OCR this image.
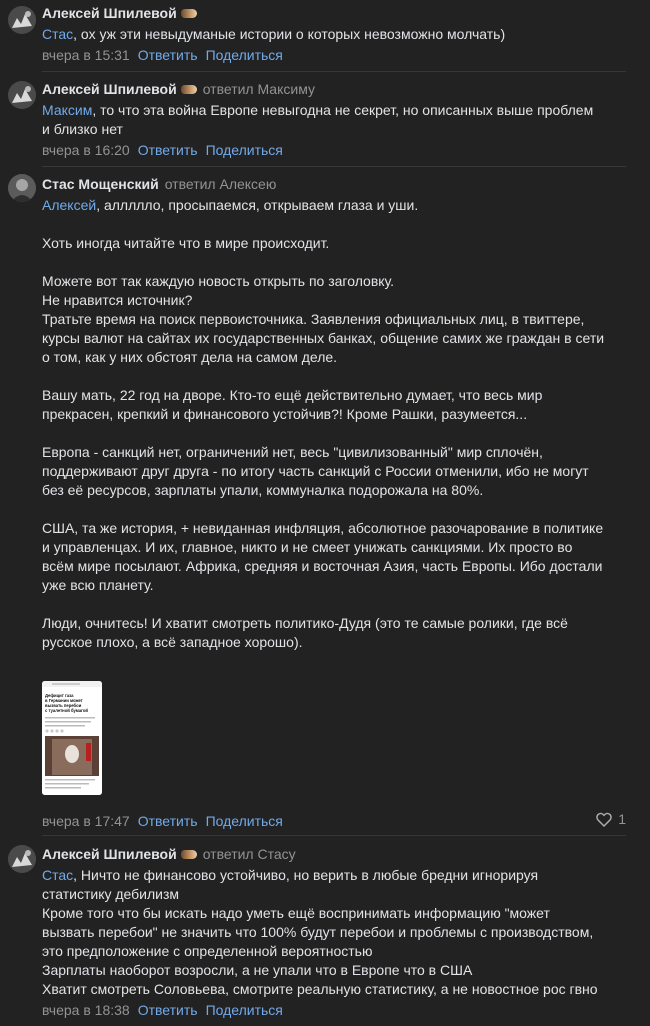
Алексей Шпилевой
Стас, ох уж эти невыдуманые истории о которых невозможно молчать)
вчера в 15:31 Ответить Поделиться
Алексей Шпилевой ответил Максиму
Максим, то что эта война Европе невыгодна не секрет, но описанных выше проблем
и близко нет
вчера в 16:20 Ответить Поделиться
Стас Мощенский ответил Алексею
Алексей, аллллло, просыпаемся, открываем глаза и уши.

Хоть иногда читайте что в мире происходит.

Можете вот так каждую новость открыть по заголовку.
Не нравится источник?
Тратьте время на поиск первоисточника. Заявления официальных лиц, в твиттере,
курсы валют на сайтах их государственных банках, общение самих же граждан в сети
о том, как у них обстоят дела на самом деле.

Вашу мать, 22 год на дворе. Кто-то ещё действительно думает, что весь мир
прекрасен, крепкий и финансового устойчив?! Кроме Рашки, разумеется...

Европа - санкций нет, ограничений нет, весь "цивилизованный" мир сплочён,
поддерживают друг друга - по итогу часть санкций с России отменили, ибо не могут
без её ресурсов, зарплаты упали, коммуналка подорожала на 80%.

США, та же история, + невиданная инфляция, абсолютное разочарование в политике
и управленцах. И их, главное, никто и не смеет унижать санкциями. Их просто во
всём мире посылают. Африка, средняя и восточная Азия, часть Европы. Ибо достали
уже всю планету.

Люди, очнитесь! И хватит смотреть политико-Дудя (это те самые ролики, где всё
русское плохо, а всё западное хорошо).
Дефицит газа в Германии может вызвать перебои с туалетной бумагой
вчера в 17:47 Ответить Поделиться	1
Алексей Шпилевой ответил Стасу
Стас, Ничто не финансово устойчиво, но верить в любые бредни игнорируя
статистику дебилизм
Кроме того что бы искать надо уметь ещё воспринимать информацию "может
вызвать перебои" не значить что 100% будут перебои и проблемы с производством,
это предположение с определенной вероятностью
Зарплаты наоборот возросли, а не упали что в Европе что в США
Хватит смотреть Соловьева, смотрите реальную статистику, а не новостное рос гвно
вчера в 18:38 Ответить Поделиться
